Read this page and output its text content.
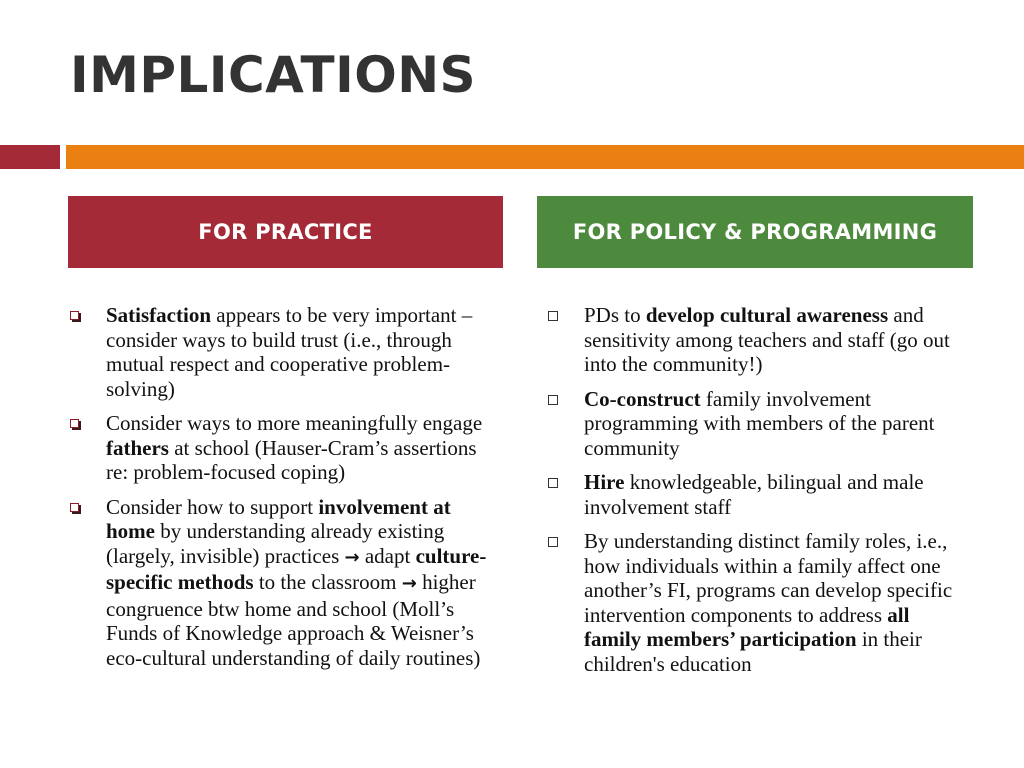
IMPLICATIONS
FOR PRACTICE	FOR POLICY & PROGRAMMING
Satisfaction appears to be very important – consider ways to build trust (i.e., through mutual respect and cooperative problem-solving)
Consider ways to more meaningfully engage fathers at school (Hauser-Cram’s assertions re: problem-focused coping)
Consider how to support involvement at home by understanding already existing (largely, invisible) practices → adapt culture-specific methods to the classroom → higher congruence btw home and school (Moll’s Funds of Knowledge approach & Weisner’s eco-cultural understanding of daily routines)
PDs to develop cultural awareness and sensitivity among teachers and staff (go out into the community!)
Co-construct family involvement programming with members of the parent community
Hire knowledgeable, bilingual and male involvement staff
By understanding distinct family roles, i.e., how individuals within a family affect one another’s FI, programs can develop specific intervention components to address all family members’ participation in their children's education
